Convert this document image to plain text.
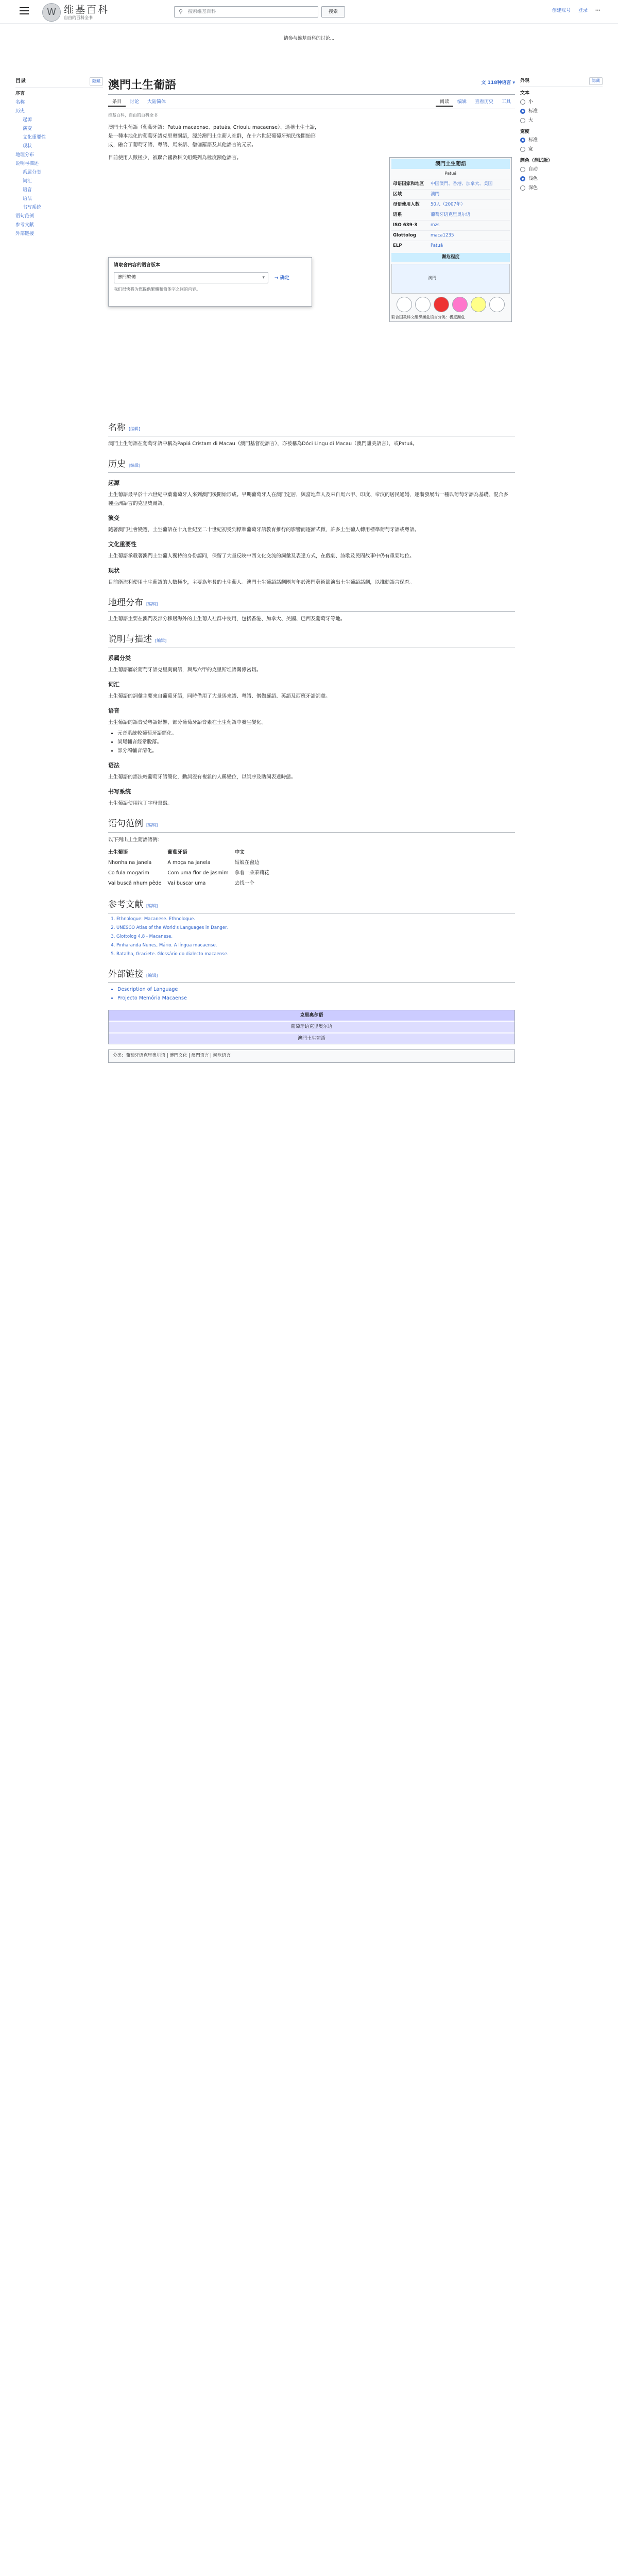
W 维基百科
自由的百科全书
⚲ 搜索维基百科	搜索	创建账号 登录 ···
请参与维基百科的讨论...
目录	隐藏
序言
名称
历史
起源
演变
文化重要性
现状
地理分布
说明与描述
系属分类
词汇
语音
语法
书写系统
语句范例
参考文献
外部链接
澳門土生葡語	文 118种语言 ▾
条目 讨论 大陆简体	阅读 编辑 查看历史 工具
维基百科，自由的百科全书

澳門土生葡語（葡萄牙語：Patuá macaense、patuás, Crioulu macaense）、通稱土生土語，是一種本地化的葡萄牙語克里奧爾語，源於澳門土生葡人社群，在十六世紀葡萄牙殖民後開始形成，融合了葡萄牙語、粵語、馬來語、僧伽羅語及其他語言的元素。

目前使用人數極少，被聯合國教科文組織列為極度瀕危語言。

澳門土生葡語
Patuá
母语国家和地区	中国澳門、香港、加拿大、美国
区域	澳門
母语使用人数	50人（2007年）
语系	葡萄牙语克里奥尔语
ISO 639-3	mzs
Glottolog	maca1235
ELP	Patuá
濒危程度
澳門
联合国教科文组织濒危语言分类：极度濒危
请取舍内容的语言版本
澳門繁體	▾ → 确定
我们很快将为您提供繁體和简体字之间的内容。
名称 [编辑]

澳門土生葡語在葡萄牙語中稱為Papiá Cristam di Macau（澳門基督徒語言），亦被稱為Dóci Lingu di Macau（澳門甜美語言），或Patuá。

历史 [编辑]
起源

土生葡語最早於十六世紀中葉葡萄牙人來到澳門後開始形成。早期葡萄牙人在澳門定居，與當地華人及來自馬六甲、印度、帝汶的居民通婚，逐漸發展出一種以葡萄牙語為基礎、混合多種亞洲語言的克里奧爾語。

演变

隨著澳門社會變遷，土生葡語在十九世紀至二十世紀初受到標準葡萄牙語教育推行的影響而逐漸式微，許多土生葡人轉用標準葡萄牙語或粵語。

文化重要性

土生葡語承載著澳門土生葡人獨特的身份認同，保留了大量反映中西文化交流的詞彙及表達方式，在戲劇、詩歌及民間故事中仍有重要地位。

现状

目前能流利使用土生葡語的人數極少，主要為年長的土生葡人。澳門土生葡語話劇團每年於澳門藝術節演出土生葡語話劇，以推動語言保育。

地理分布 [编辑]

土生葡語主要在澳門及部分移居海外的土生葡人社群中使用，包括香港、加拿大、美國、巴西及葡萄牙等地。

说明与描述 [编辑]
系属分类

土生葡語屬於葡萄牙語克里奧爾語，與馬六甲的克里斯坦語關係密切。

词汇

土生葡語的詞彙主要來自葡萄牙語，同時借用了大量馬來語、粵語、僧伽羅語、英語及西班牙語詞彙。

语音

土生葡語的語音受粵語影響，部分葡萄牙語音素在土生葡語中發生變化。

• 元音系統較葡萄牙語簡化。
• 詞尾輔音經常脫落。
• 部分濁輔音清化。
语法

土生葡語的語法較葡萄牙語簡化，動詞沒有複雜的人稱變位，以詞序及助詞表達時態。

书写系统

土生葡語使用拉丁字母書寫。

语句范例 [编辑]

以下列出土生葡語語例：

土生葡语	葡萄牙语	中文
Nhonha na janela	A moça na janela	姑娘在窗边
Co fula mogarim	Com uma flor de jasmim	拿着一朵茉莉花
Vai buscâ nhum pêde	Vai buscar uma	去找一个
参考文献 [编辑]
1. Ethnologue: Macanese. Ethnologue.
2. UNESCO Atlas of the World's Languages in Danger.
3. Glottolog 4.8 - Macanese.
4. Pinharanda Nunes, Mário. A língua macaense.
5. Batalha, Graciete. Glossário do dialecto macaense.
外部链接 [编辑]
• Description of Language
• Projecto Memória Macaense
克里奥尔语
葡萄牙语克里奥尔语
澳門土生葡語
分类：葡萄牙语克里奥尔语 | 澳門文化 | 澳門语言 | 濒危语言
隐藏
外观
文本
小
标准
大
宽度
标准
宽
颜色（测试版）
自动
浅色
深色
